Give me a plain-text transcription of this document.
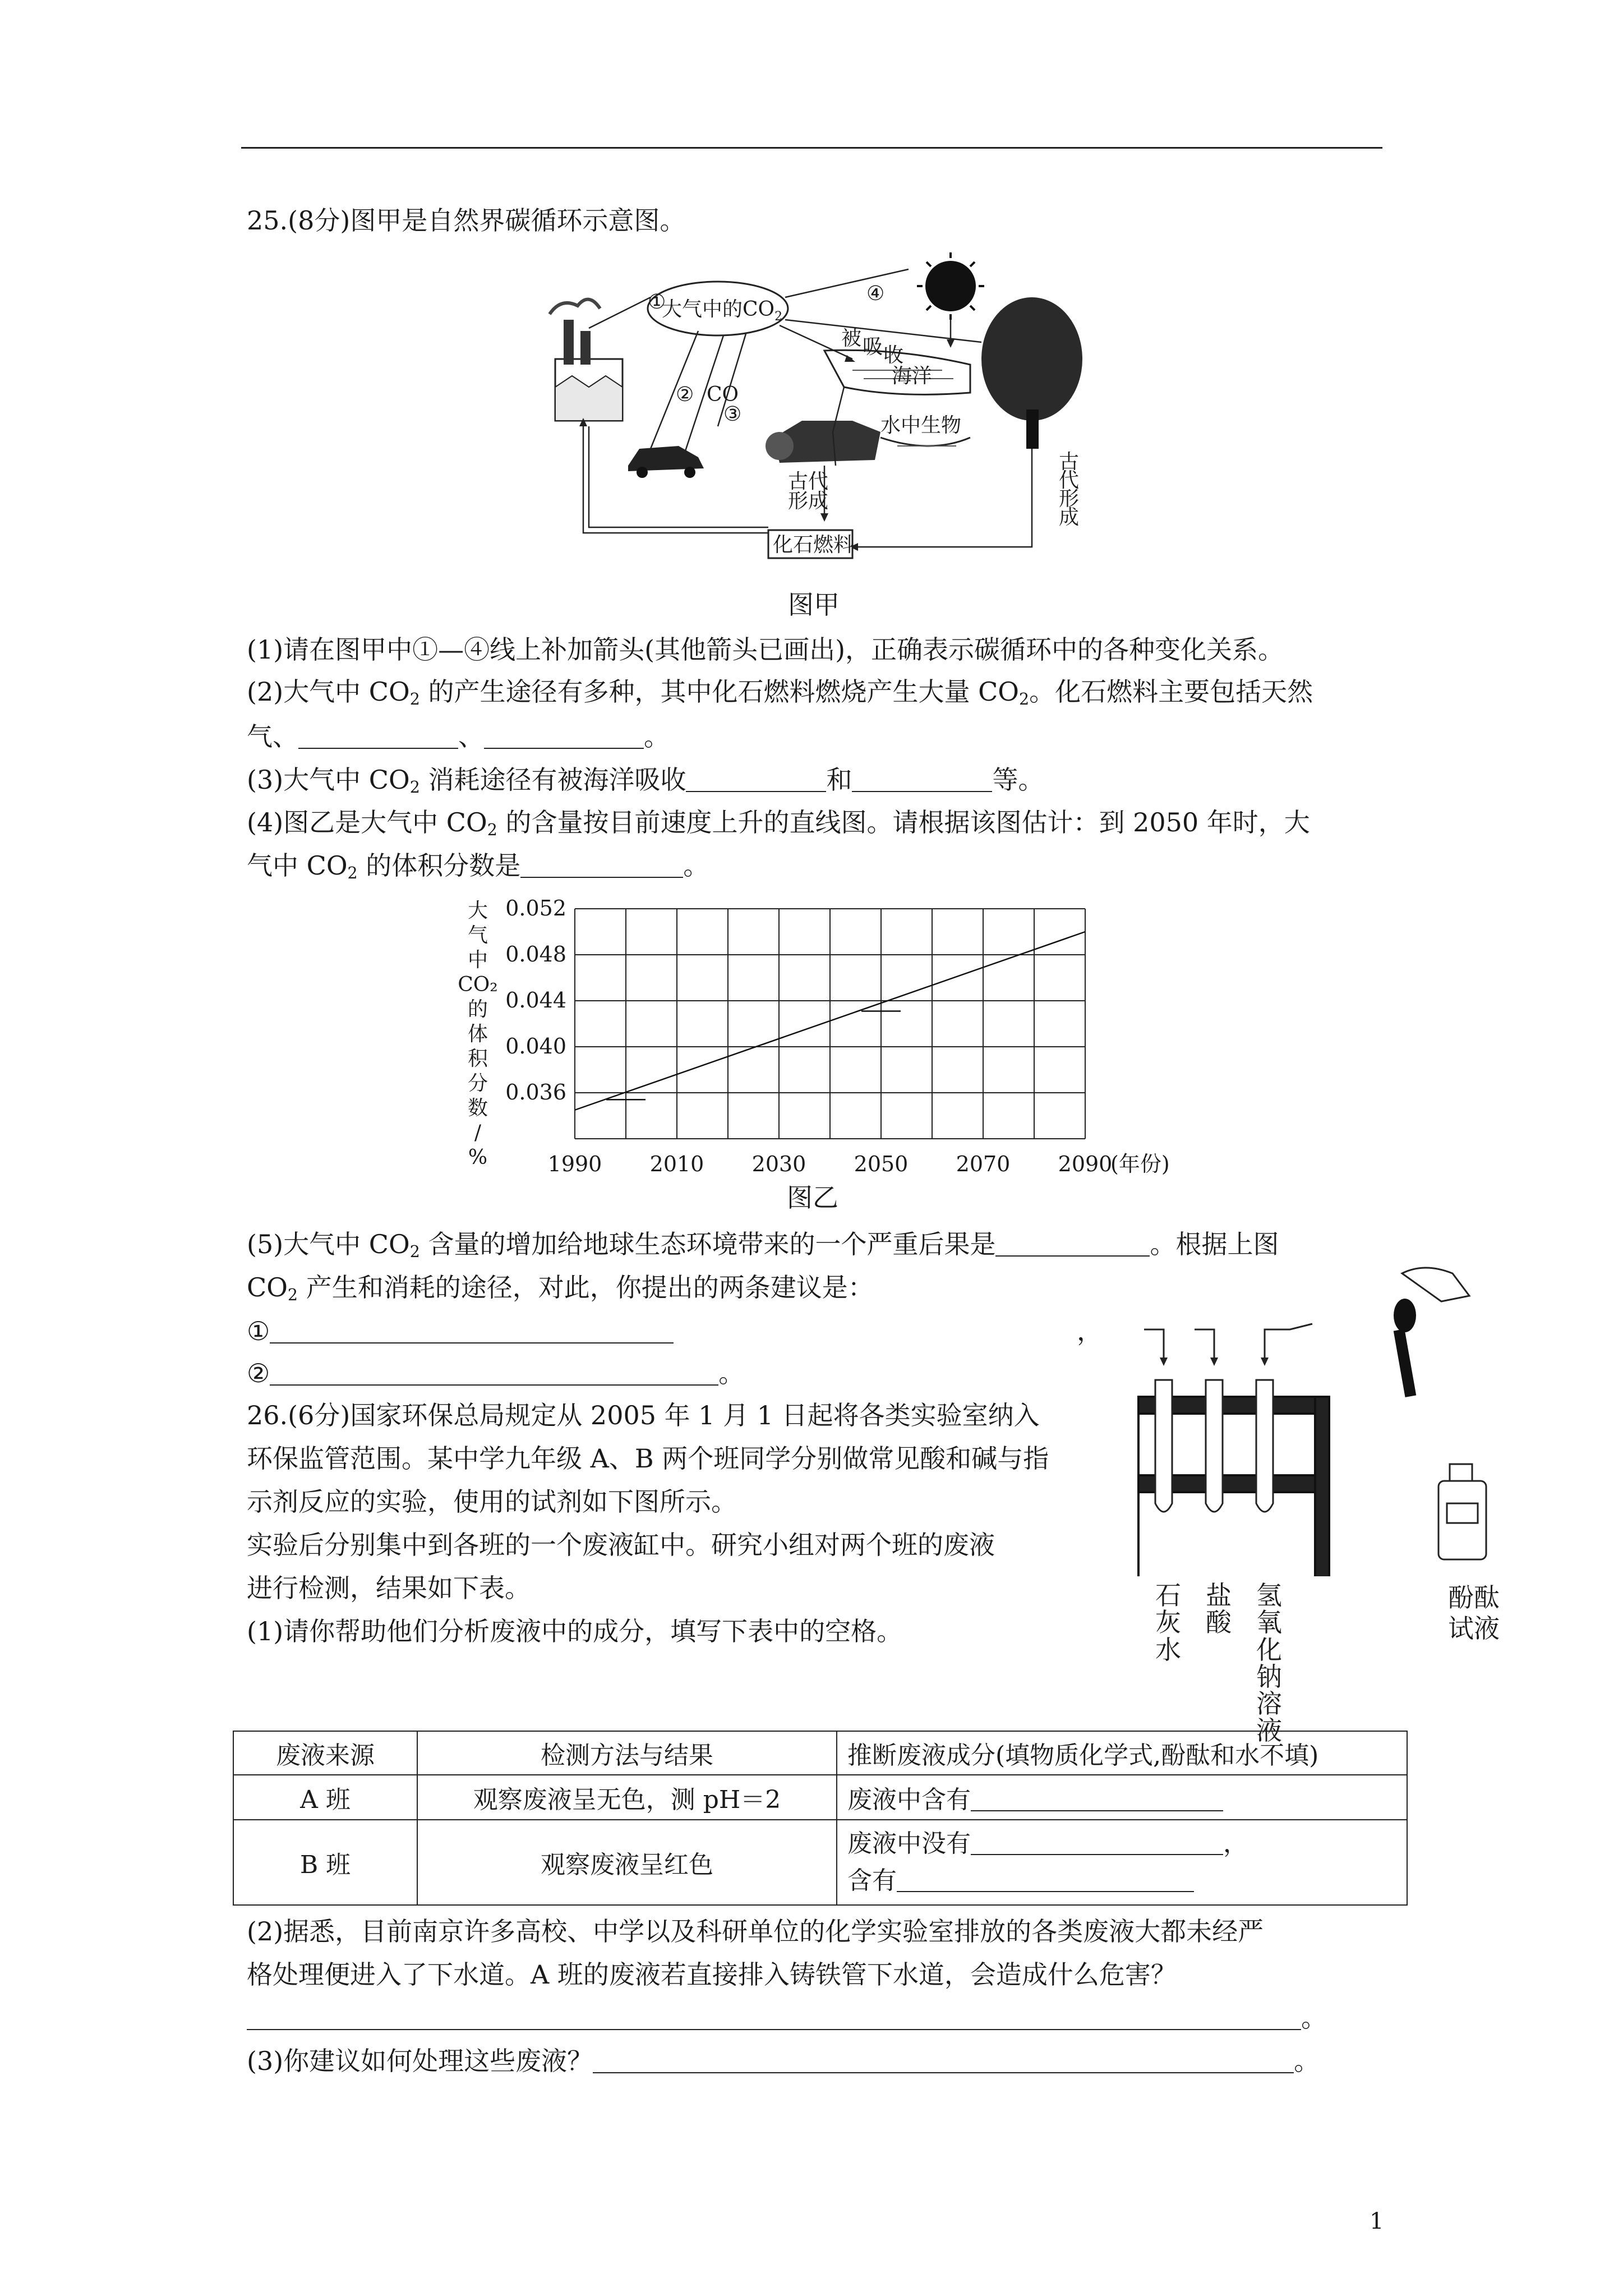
25.(8分)图甲是自然界碳循环示意图。
大气中的$CO_2$
海洋
水中生物
化石燃料
①
②
③
④
CO
被 吸 收
古代
形成
古
代
形
成
图甲
(1)请在图甲中①—④线上补加箭头(其他箭头已画出)，正确表示碳循环中的各种变化关系。
(2)大气中 $CO_2$ 的产生途径有多种，其中化石燃料燃烧产生大量 $CO_2$。化石燃料主要包括天然
气、	、	。
(3)大气中 $CO_2$ 消耗途径有被海洋吸收	和	等。
(4)图乙是大气中 $CO_2$ 的含量按目前速度上升的直线图。请根据该图估计：到 2050 年时，大
气中 $CO_2$ 的体积分数是	。
0.052
0.048
0.044
0.040
0.036
1990 2010 2030 2050 2070 2090
(年份)
大
气
中
CO₂
的
体
积
分
数
/
%
图乙
(5)大气中 $CO_2$ 含量的增加给地球生态环境带来的一个严重后果是	。根据上图
$CO_2$ 产生和消耗的途径，对此，你提出的两条建议是：
①	，
②	。
26.(6分)国家环保总局规定从 2005 年 1 月 1 日起将各类实验室纳入
环保监管范围。某中学九年级 A、B 两个班同学分别做常见酸和碱与指
示剂反应的实验，使用的试剂如下图所示。
实验后分别集中到各班的一个废液缸中。研究小组对两个班的废液
进行检测，结果如下表。
(1)请你帮助他们分析废液中的成分，填写下表中的空格。
石灰水
盐酸
氢氧化钠溶液
酚酞
试液
废液来源	检测方法与结果	推断废液成分(填物质化学式,酚酞和水不填)
A 班	观察废液呈无色，测 pH＝2	废液中含有
B 班	观察废液呈红色	废液中没有 ，
含有
(2)据悉，目前南京许多高校、中学以及科研单位的化学实验室排放的各类废液大都未经严
格处理便进入了下水道。A 班的废液若直接排入铸铁管下水道，会造成什么危害？
。
(3)你建议如何处理这些废液？	。
1
